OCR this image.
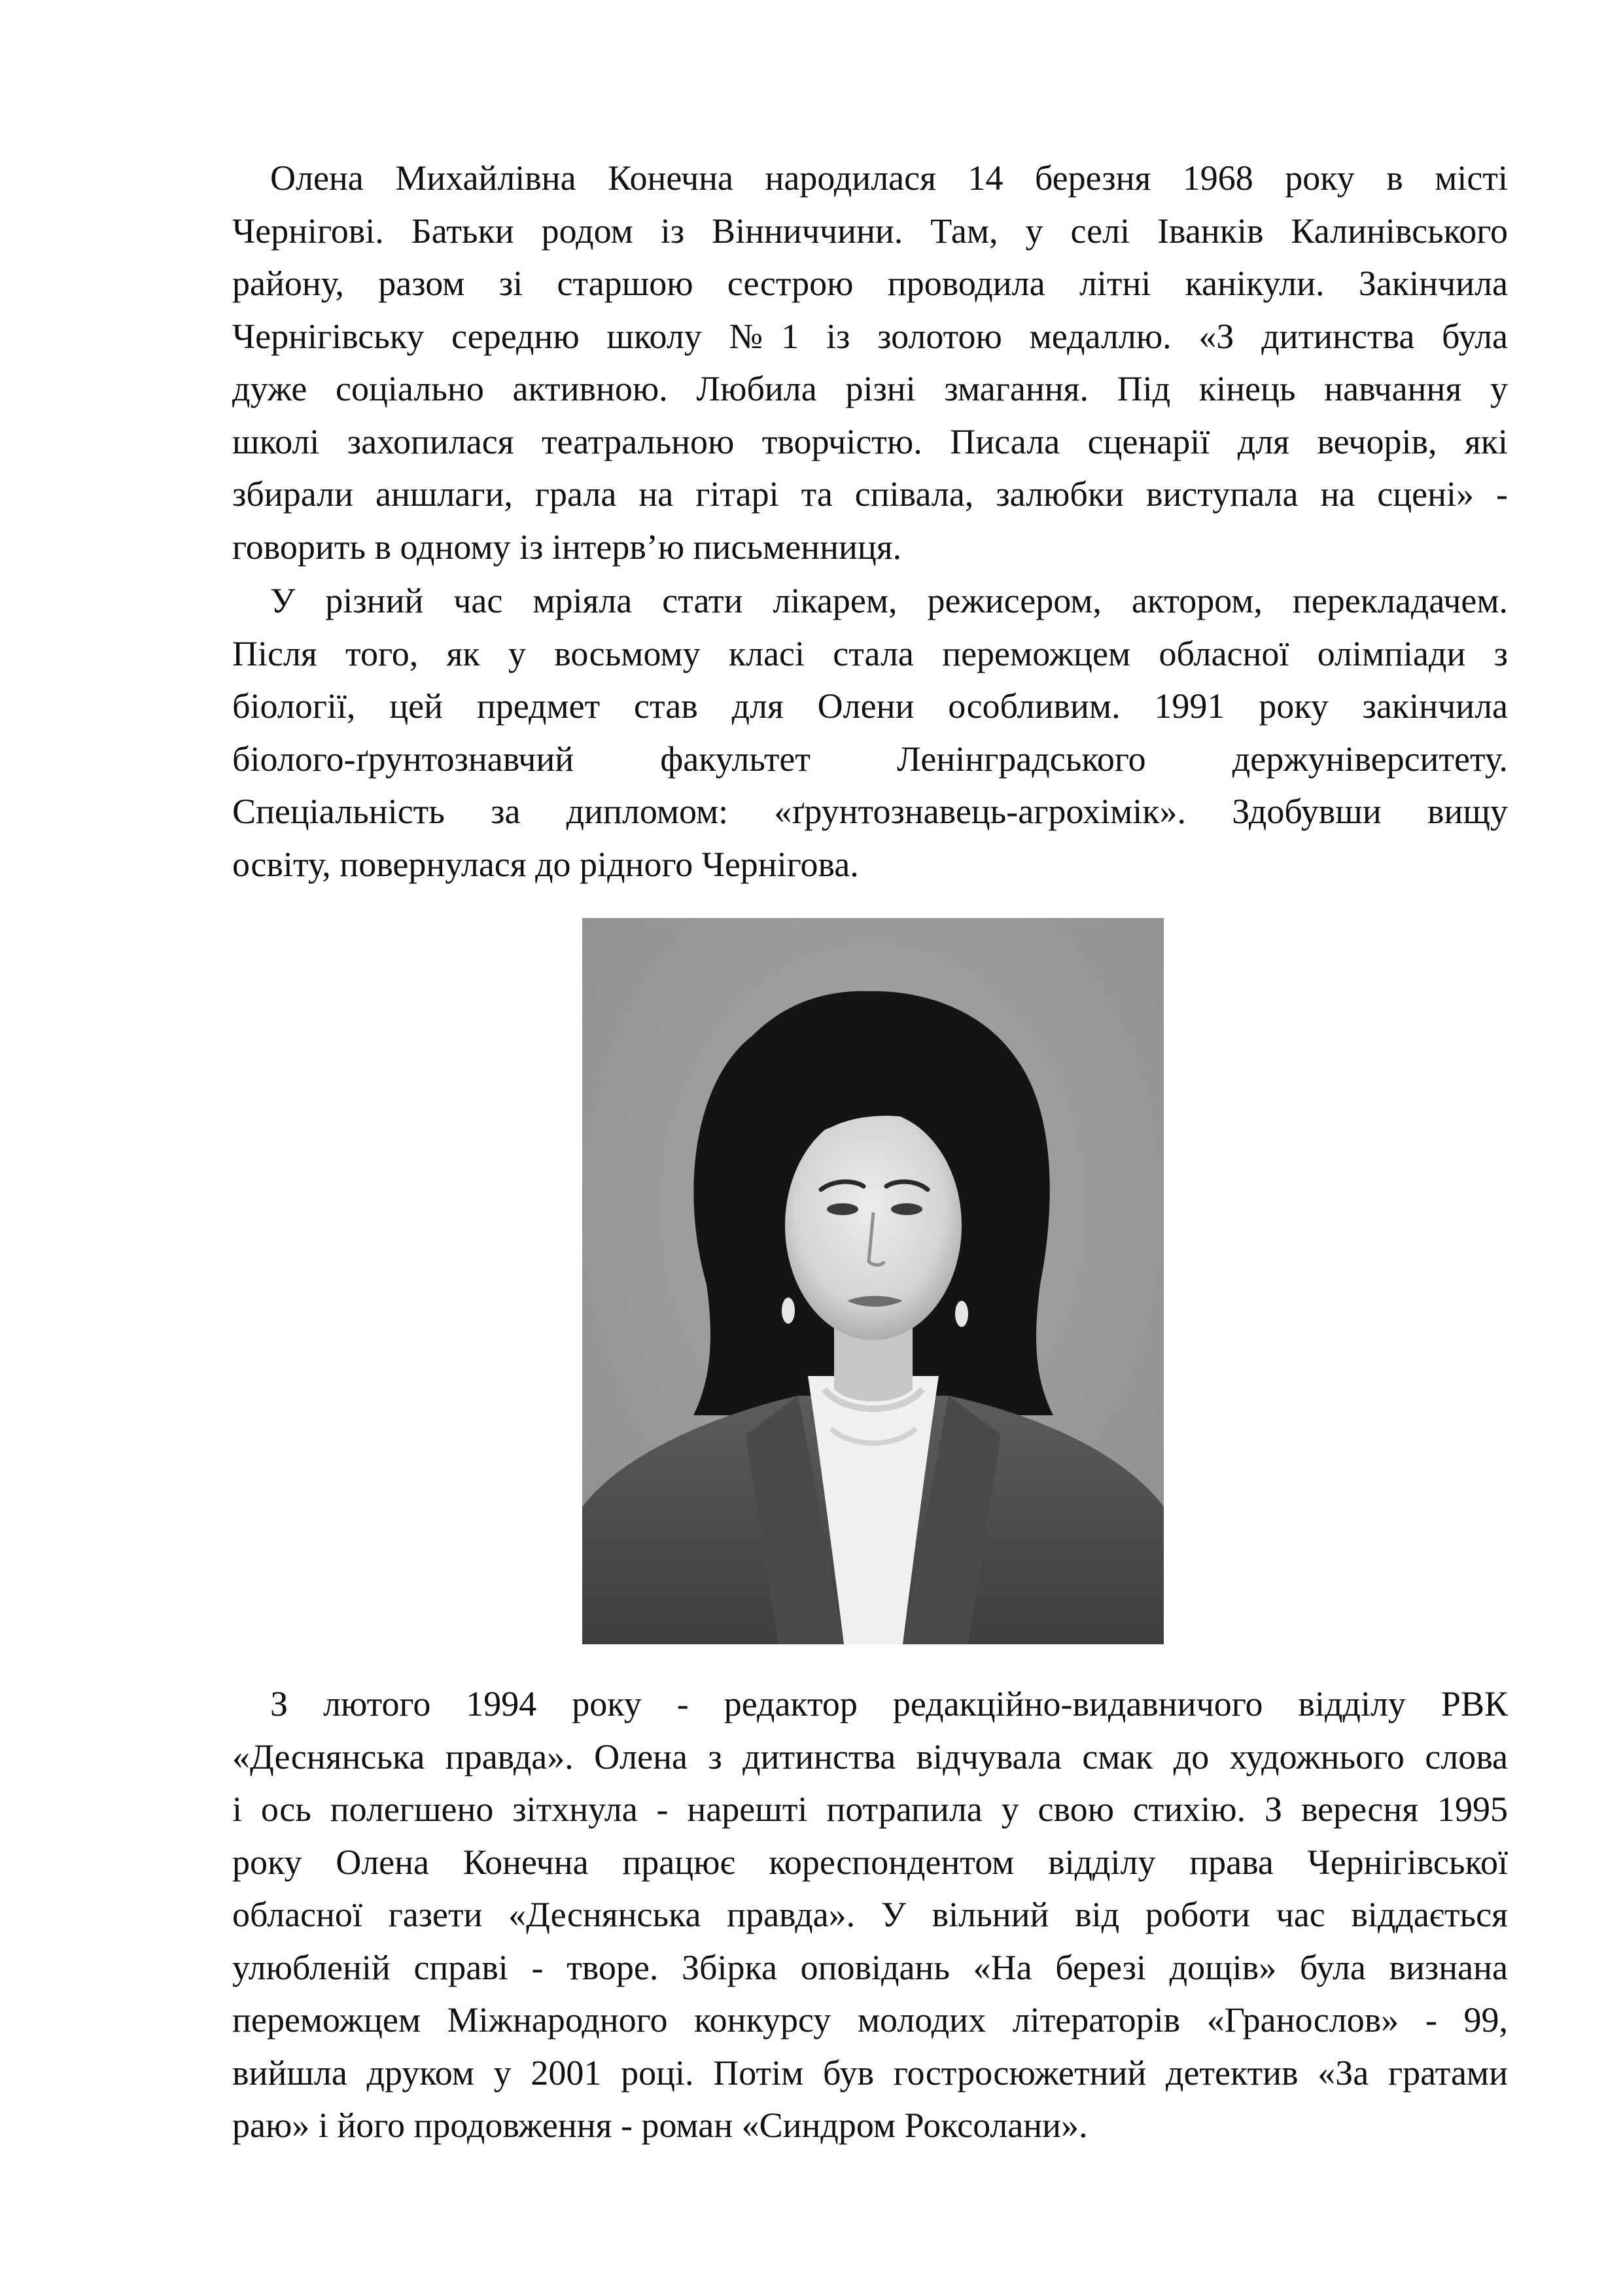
Олена Михайлівна Конечна народилася 14 березня 1968 року в місті
Чернігові. Батьки родом із Вінниччини. Там, у селі Іванків Калинівського
району, разом зі старшою сестрою проводила літні канікули. Закінчила
Чернігівську середню школу №1 із золотою медаллю. «З дитинства була
дуже соціально активною. Любила різні змагання. Під кінець навчання у
школі захопилася театральною творчістю. Писала сценарії для вечорів, які
збирали аншлаги, грала на гітарі та співала, залюбки виступала на сцені» -
говорить в одному із інтерв’ю письменниця.
У різний час мріяла стати лікарем, режисером, актором, перекладачем.
Після того, як у восьмому класі стала переможцем обласної олімпіади з
біології, цей предмет став для Олени особливим. 1991 року закінчила
біолого-ґрунтознавчий факультет Ленінградського держуніверситету.
Спеціальність за дипломом: «ґрунтознавець-агрохімік». Здобувши вищу
освіту, повернулася до рідного Чернігова.
З лютого 1994 року - редактор редакційно-видавничого відділу РВК
«Деснянська правда». Олена з дитинства відчувала смак до художнього слова
і ось полегшено зітхнула - нарешті потрапила у свою стихію. З вересня 1995
року Олена Конечна працює кореспондентом відділу права Чернігівської
обласної газети «Деснянська правда». У вільний від роботи час віддається
улюбленій справі - творе. Збірка оповідань «На березі дощів» була визнана
переможцем Міжнародного конкурсу молодих літераторів «Гранослов» - 99,
вийшла друком у 2001 році. Потім був гостросюжетний детектив «За гратами
раю» і його продовження - роман «Синдром Роксолани».
